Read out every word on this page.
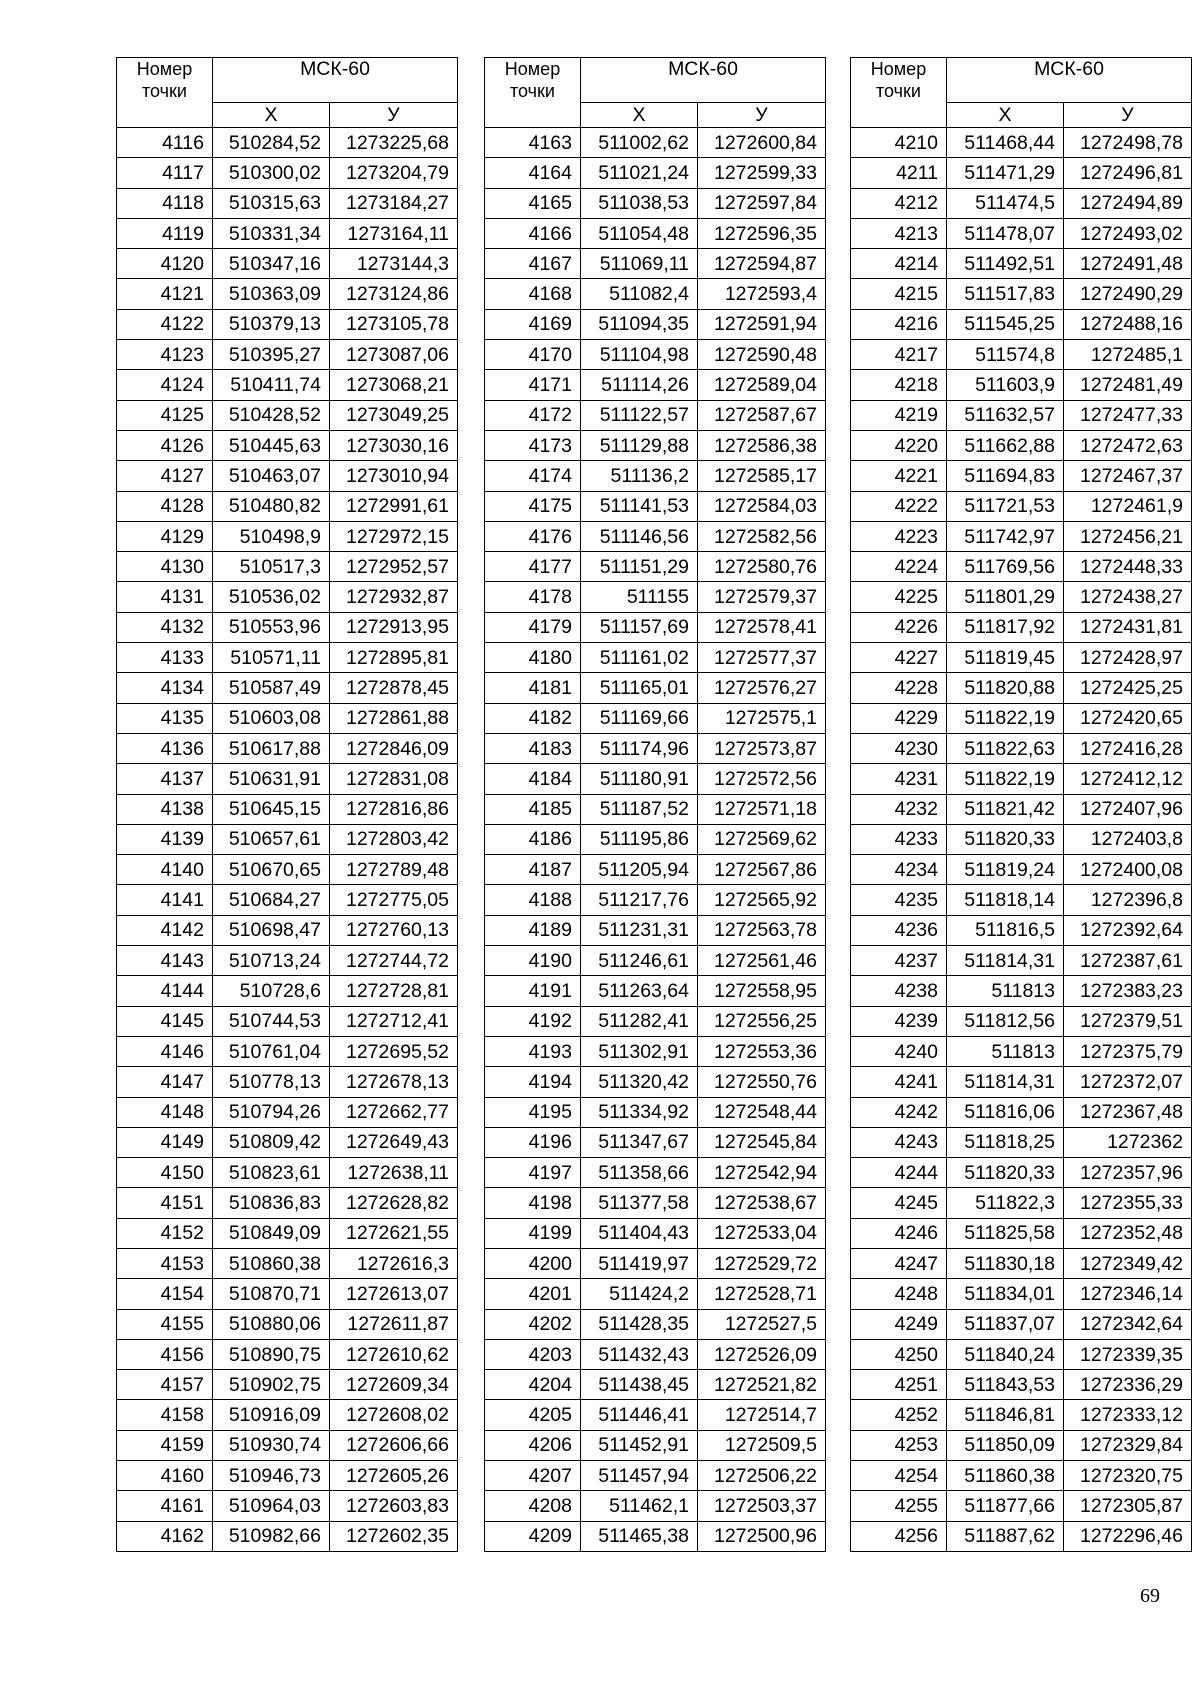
Номер
точки	МСК-60	
	Х	У
4116	510284,52	1273225,68
4117	510300,02	1273204,79
4118	510315,63	1273184,27
4119	510331,34	1273164,11
4120	510347,16	1273144,3
4121	510363,09	1273124,86
4122	510379,13	1273105,78
4123	510395,27	1273087,06
4124	510411,74	1273068,21
4125	510428,52	1273049,25
4126	510445,63	1273030,16
4127	510463,07	1273010,94
4128	510480,82	1272991,61
4129	510498,9	1272972,15
4130	510517,3	1272952,57
4131	510536,02	1272932,87
4132	510553,96	1272913,95
4133	510571,11	1272895,81
4134	510587,49	1272878,45
4135	510603,08	1272861,88
4136	510617,88	1272846,09
4137	510631,91	1272831,08
4138	510645,15	1272816,86
4139	510657,61	1272803,42
4140	510670,65	1272789,48
4141	510684,27	1272775,05
4142	510698,47	1272760,13
4143	510713,24	1272744,72
4144	510728,6	1272728,81
4145	510744,53	1272712,41
4146	510761,04	1272695,52
4147	510778,13	1272678,13
4148	510794,26	1272662,77
4149	510809,42	1272649,43
4150	510823,61	1272638,11
4151	510836,83	1272628,82
4152	510849,09	1272621,55
4153	510860,38	1272616,3
4154	510870,71	1272613,07
4155	510880,06	1272611,87
4156	510890,75	1272610,62
4157	510902,75	1272609,34
4158	510916,09	1272608,02
4159	510930,74	1272606,66
4160	510946,73	1272605,26
4161	510964,03	1272603,83
4162	510982,66	1272602,35
Номер
точки	МСК-60	
	Х	У
4163	511002,62	1272600,84
4164	511021,24	1272599,33
4165	511038,53	1272597,84
4166	511054,48	1272596,35
4167	511069,11	1272594,87
4168	511082,4	1272593,4
4169	511094,35	1272591,94
4170	511104,98	1272590,48
4171	511114,26	1272589,04
4172	511122,57	1272587,67
4173	511129,88	1272586,38
4174	511136,2	1272585,17
4175	511141,53	1272584,03
4176	511146,56	1272582,56
4177	511151,29	1272580,76
4178	511155	1272579,37
4179	511157,69	1272578,41
4180	511161,02	1272577,37
4181	511165,01	1272576,27
4182	511169,66	1272575,1
4183	511174,96	1272573,87
4184	511180,91	1272572,56
4185	511187,52	1272571,18
4186	511195,86	1272569,62
4187	511205,94	1272567,86
4188	511217,76	1272565,92
4189	511231,31	1272563,78
4190	511246,61	1272561,46
4191	511263,64	1272558,95
4192	511282,41	1272556,25
4193	511302,91	1272553,36
4194	511320,42	1272550,76
4195	511334,92	1272548,44
4196	511347,67	1272545,84
4197	511358,66	1272542,94
4198	511377,58	1272538,67
4199	511404,43	1272533,04
4200	511419,97	1272529,72
4201	511424,2	1272528,71
4202	511428,35	1272527,5
4203	511432,43	1272526,09
4204	511438,45	1272521,82
4205	511446,41	1272514,7
4206	511452,91	1272509,5
4207	511457,94	1272506,22
4208	511462,1	1272503,37
4209	511465,38	1272500,96
Номер
точки	МСК-60	
	Х	У
4210	511468,44	1272498,78
4211	511471,29	1272496,81
4212	511474,5	1272494,89
4213	511478,07	1272493,02
4214	511492,51	1272491,48
4215	511517,83	1272490,29
4216	511545,25	1272488,16
4217	511574,8	1272485,1
4218	511603,9	1272481,49
4219	511632,57	1272477,33
4220	511662,88	1272472,63
4221	511694,83	1272467,37
4222	511721,53	1272461,9
4223	511742,97	1272456,21
4224	511769,56	1272448,33
4225	511801,29	1272438,27
4226	511817,92	1272431,81
4227	511819,45	1272428,97
4228	511820,88	1272425,25
4229	511822,19	1272420,65
4230	511822,63	1272416,28
4231	511822,19	1272412,12
4232	511821,42	1272407,96
4233	511820,33	1272403,8
4234	511819,24	1272400,08
4235	511818,14	1272396,8
4236	511816,5	1272392,64
4237	511814,31	1272387,61
4238	511813	1272383,23
4239	511812,56	1272379,51
4240	511813	1272375,79
4241	511814,31	1272372,07
4242	511816,06	1272367,48
4243	511818,25	1272362
4244	511820,33	1272357,96
4245	511822,3	1272355,33
4246	511825,58	1272352,48
4247	511830,18	1272349,42
4248	511834,01	1272346,14
4249	511837,07	1272342,64
4250	511840,24	1272339,35
4251	511843,53	1272336,29
4252	511846,81	1272333,12
4253	511850,09	1272329,84
4254	511860,38	1272320,75
4255	511877,66	1272305,87
4256	511887,62	1272296,46
69
